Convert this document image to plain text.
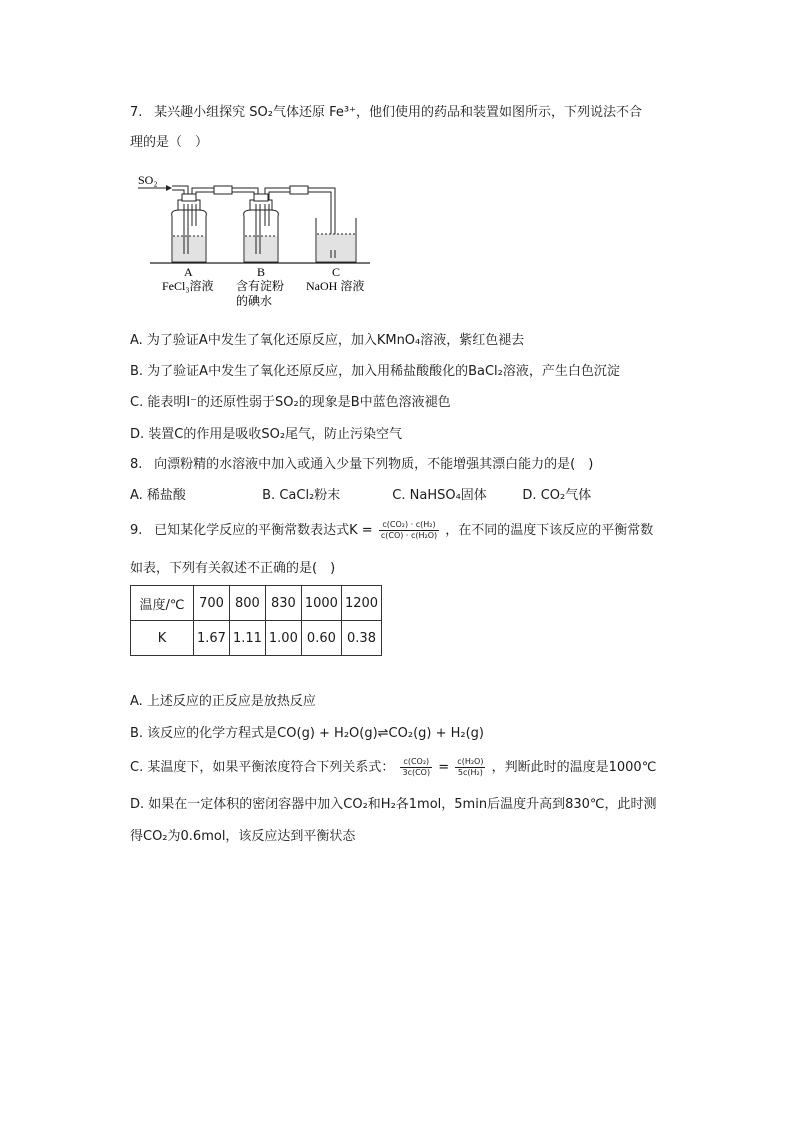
7. 某兴趣小组探究 SO₂气体还原 Fe³⁺，他们使用的药品和装置如图所示，下列说法不合
理的是（　）
SO₂
A
FeCl₃溶液
B
含有淀粉
的碘水
C
NaOH 溶液
A. 为了验证A中发生了氧化还原反应，加入KMnO₄溶液，紫红色褪去
B. 为了验证A中发生了氧化还原反应，加入用稀盐酸酸化的BaCl₂溶液，产生白色沉淀
C. 能表明I⁻的还原性弱于SO₂的现象是B中蓝色溶液褪色
D. 装置C的作用是吸收SO₂尾气，防止污染空气
8. 向漂粉精的水溶液中加入或通入少量下列物质，不能增强其漂白能力的是(　)
A. 稀盐酸	B. CaCl₂粉末	C. NaHSO₄固体	D. CO₂气体
9. 已知某化学反应的平衡常数表达式$K = \frac{\text{c(CO₂) · c(H₂)}}{\text{c(CO) · c(H₂O)}}$ ，在不同的温度下该反应的平衡常数
如表，下列有关叙述不正确的是(　)
温度/℃	700	800	830	1000	1200
K	1.67	1.11	1.00	0.60	0.38
A. 上述反应的正反应是放热反应
B. 该反应的化学方程式是CO(g) + H₂O(g)⇌CO₂(g) + H₂(g)
C. 某温度下，如果平衡浓度符合下列关系式： $\frac{\text{c(CO₂)}}{3c(CO)} = \frac{\text{c(H₂O)}}{\text{5c(H₂)}}$ ，判断此时的温度是1000℃
D. 如果在一定体积的密闭容器中加入CO₂和H₂各1mol，5min后温度升高到830℃，此时测
得CO₂为0.6mol，该反应达到平衡状态
